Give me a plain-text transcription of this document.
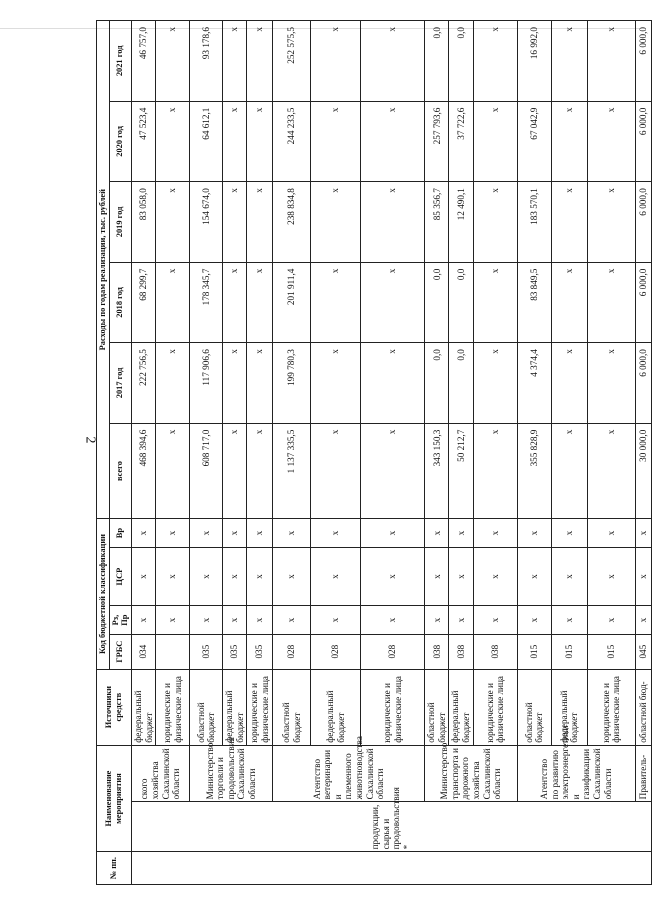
2
№ пп.	Наименование мероприятия		Источники средств	Код бюджетной классификации				Расходы по годам реализации, тыс. рублей					
				ГРБС	Рз, Пр	ЦСР	Вр	всего	2017 год	2018 год	2019 год	2020 год	2021 год
	продукции, сырья и продовольствия *	ского хозяйства Сахалинской области	федеральный бюджет	034	х	х	х	468 394,6	222 756,5	68 299,7	83 058,0	47 523,4	46 757,0
			юридические и физические лица		х	х	х	х	х	х	х	х	х
		Министерство торговли и продовольствия Сахалинской области	областной бюджет	035	х	х	х	608 717,0	117 906,6	178 345,7	154 674,0	64 612,1	93 178,6
			федеральный бюджет	035	х	х	х	х	х	х	х	х	х
			юридические и физические лица	035	х	х	х	х	х	х	х	х	х
		Агентство ветеринарии и племенного животноводства Сахалинской области	областной бюджет	028	х	х	х	1 137 335,5	199 780,3	201 911,4	238 834,8	244 233,5	252 575,5
			федеральный бюджет	028	х	х	х	х	х	х	х	х	х
			юридические и физические лица	028	х	х	х	х	х	х	х	х	х
		Министерство транспорта и дорожного хозяйства Сахалинской области	областной бюджет	038	х	х	х	343 150,3	0,0	0,0	85 356,7	257 793,6	0,0
			федеральный бюджет	038	х	х	х	50 212,7	0,0	0,0	12 490,1	37 722,6	0,0
			юридические и физические лица	038	х	х	х	х	х	х	х	х	х
		Агентство по развитию электроэнергетики и газификации Сахалинской области	областной бюджет	015	х	х	х	355 828,9	4 374,4	83 849,5	183 570,1	67 042,9	16 992,0
			федеральный бюджет	015	х	х	х	х	х	х	х	х	х
			юридические и физические лица	015	х	х	х	х	х	х	х	х	х
		Правитель-	областной бюд-	045	х	х	х	30 000,0	6 000,0	6 000,0	6 000,0	6 000,0	6 000,0
